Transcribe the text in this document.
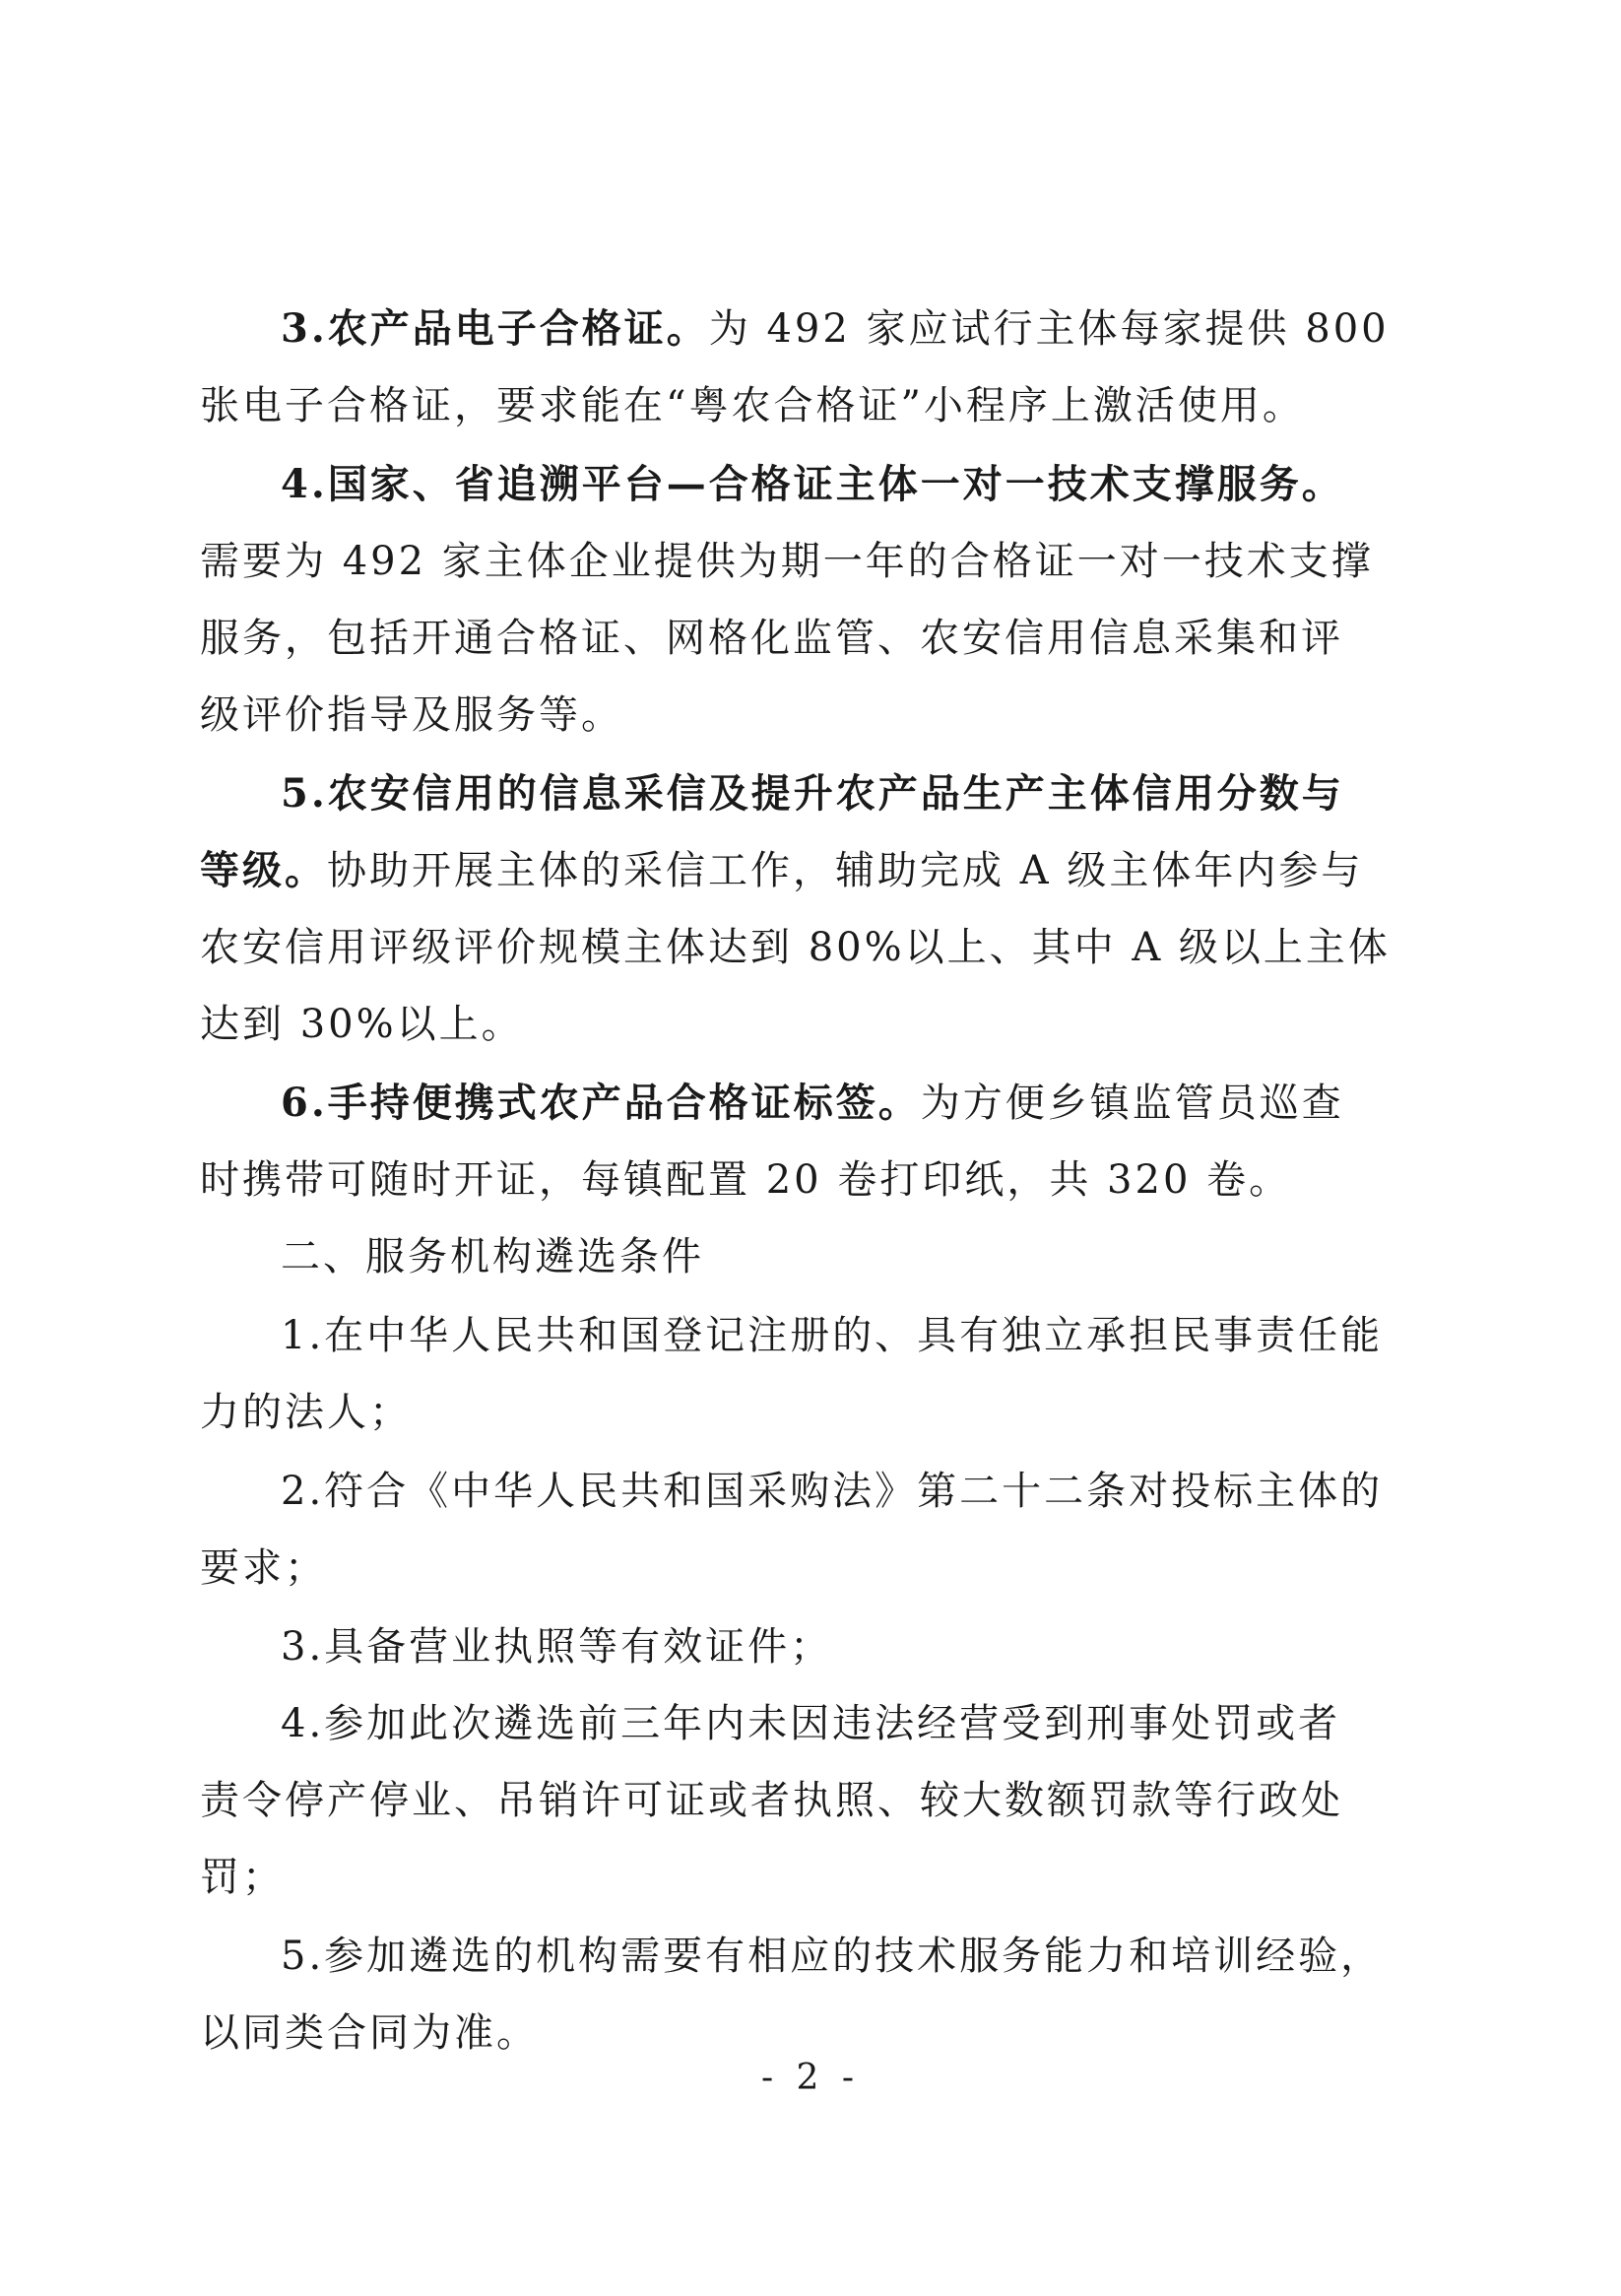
3.农产品电子合格证。为 492 家应试行主体每家提供 800
张电子合格证，要求能在“粤农合格证”小程序上激活使用。
4.国家、省追溯平台—合格证主体一对一技术支撑服务。
需要为 492 家主体企业提供为期一年的合格证一对一技术支撑
服务，包括开通合格证、网格化监管、农安信用信息采集和评
级评价指导及服务等。
5.农安信用的信息采信及提升农产品生产主体信用分数与
等级。协助开展主体的采信工作，辅助完成 A 级主体年内参与
农安信用评级评价规模主体达到 80%以上、其中 A 级以上主体
达到 30%以上。
6.手持便携式农产品合格证标签。为方便乡镇监管员巡查
时携带可随时开证，每镇配置 20 卷打印纸，共 320 卷。
二、服务机构遴选条件
1.在中华人民共和国登记注册的、具有独立承担民事责任能
力的法人；
2.符合《中华人民共和国采购法》第二十二条对投标主体的
要求；
3.具备营业执照等有效证件；
4.参加此次遴选前三年内未因违法经营受到刑事处罚或者
责令停产停业、吊销许可证或者执照、较大数额罚款等行政处
罚；
5.参加遴选的机构需要有相应的技术服务能力和培训经验，
以同类合同为准。
- 2 -
